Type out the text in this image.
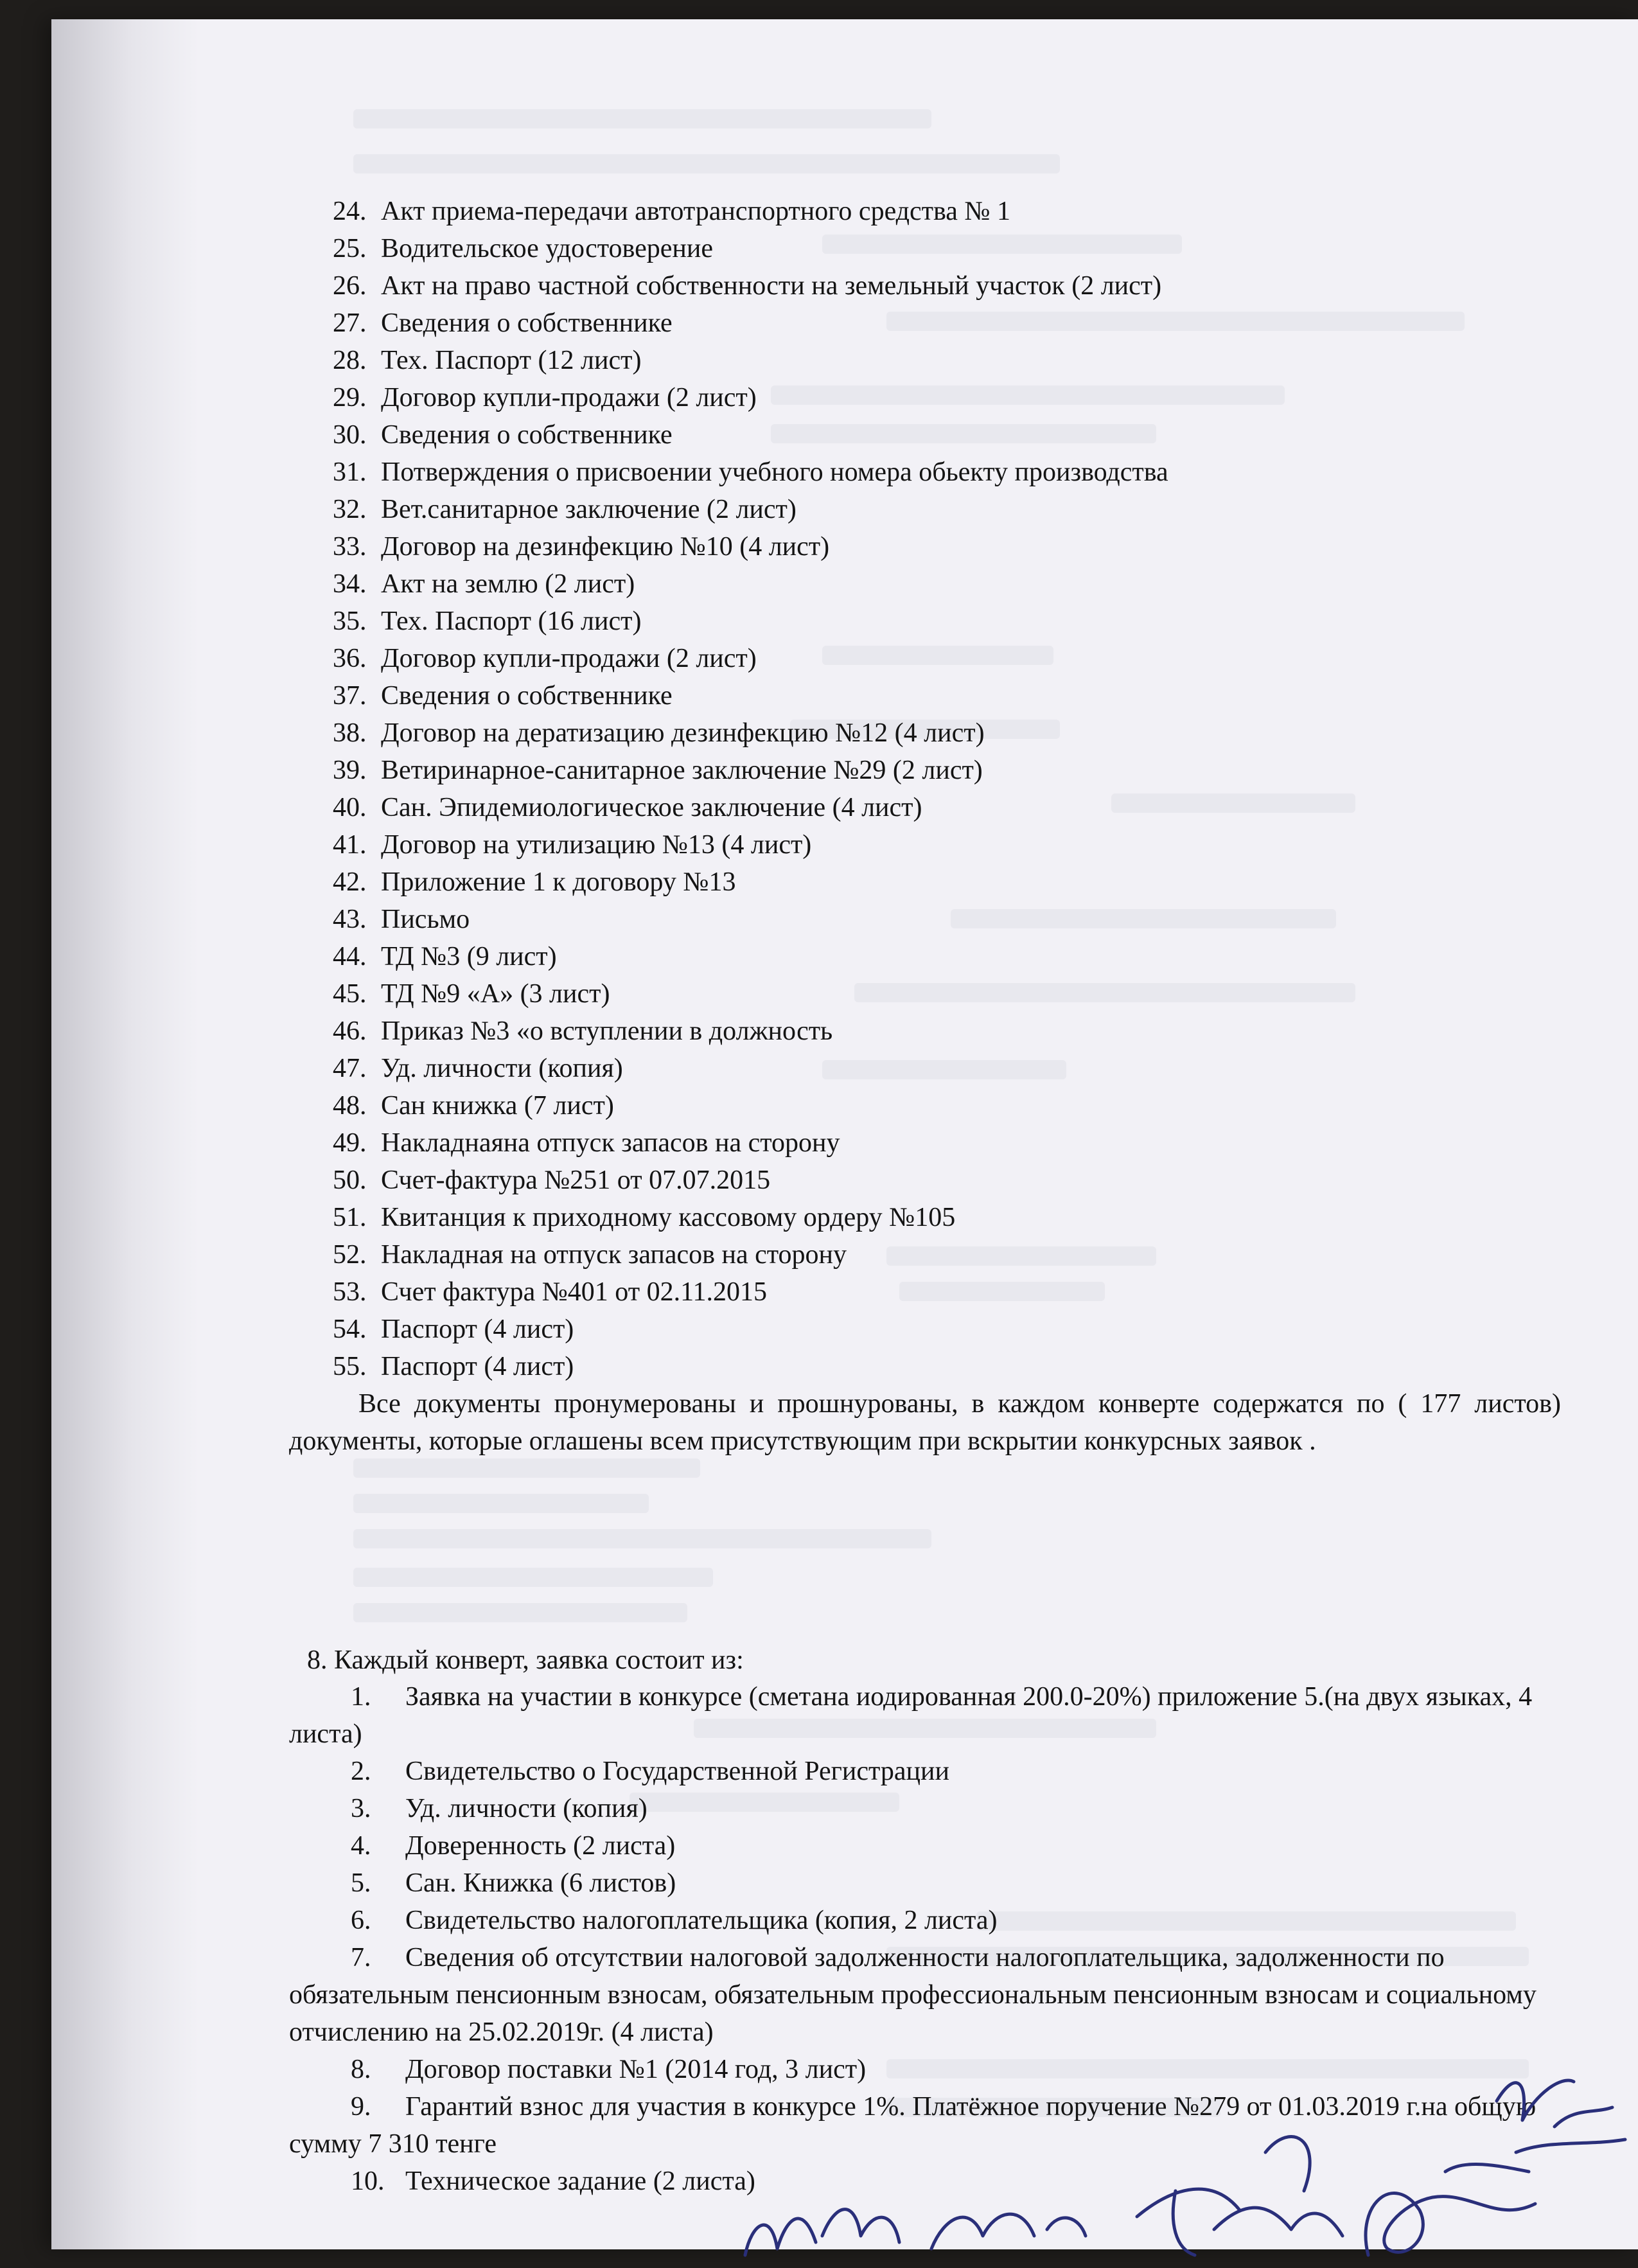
24. Акт приема-передачи автотранспортного средства № 1
25. Водительское удостоверение
26. Акт на право частной собственности на земельный участок (2 лист)
27. Сведения о собственнике
28. Тех. Паспорт (12 лист)
29. Договор купли-продажи (2 лист)
30. Сведения о собственнике
31. Потверждения о присвоении учебного номера обьекту производства
32. Вет.санитарное заключение (2 лист)
33. Договор на дезинфекцию №10 (4 лист)
34. Акт на землю (2 лист)
35. Тех. Паспорт (16 лист)
36. Договор купли-продажи (2 лист)
37. Сведения о собственнике
38. Договор на дератизацию дезинфекцию №12 (4 лист)
39. Ветиринарное-санитарное заключение №29 (2 лист)
40. Сан. Эпидемиологическое заключение (4 лист)
41. Договор на утилизацию №13 (4 лист)
42. Приложение 1 к договору №13
43. Письмо
44. ТД №3 (9 лист)
45. ТД №9 «А» (3 лист)
46. Приказ №3 «о вступлении в должность
47. Уд. личности (копия)
48. Сан книжка (7 лист)
49. Накладнаяна отпуск запасов на сторону
50. Счет-фактура №251 от 07.07.2015
51. Квитанция к приходному кассовому ордеру №105
52. Накладная на отпуск запасов на сторону
53. Счет фактура №401 от 02.11.2015
54. Паспорт (4 лист)
55. Паспорт (4 лист)

Все документы пронумерованы и прошнурованы, в каждом конверте содержатся по ( 177 листов) документы, которые оглашены всем присутствующим при вскрытии конкурсных заявок .

8. Каждый конверт, заявка состоит из:

1. Заявка на участии в конкурсе (сметана иодированная 200.0-20%) приложение 5.(на двух языках, 4 листа)
2. Свидетельство о Государственной Регистрации
3. Уд. личности (копия)
4. Доверенность (2 листа)
5. Сан. Книжка (6 листов)
6. Свидетельство налогоплательщика (копия, 2 листа)
7. Сведения об отсутствии налоговой задолженности налогоплательщика, задолженности по обязательным пенсионным взносам, обязательным профессиональным пенсионным взносам и социальному отчислению на 25.02.2019г. (4 листа)
8. Договор поставки №1 (2014 год, 3 лист)
9. Гарантий взнос для участия в конкурсе 1%. Платёжное поручение №279 от 01.03.2019 г.на общую сумму 7 310 тенге
10. Техническое задание (2 листа)
